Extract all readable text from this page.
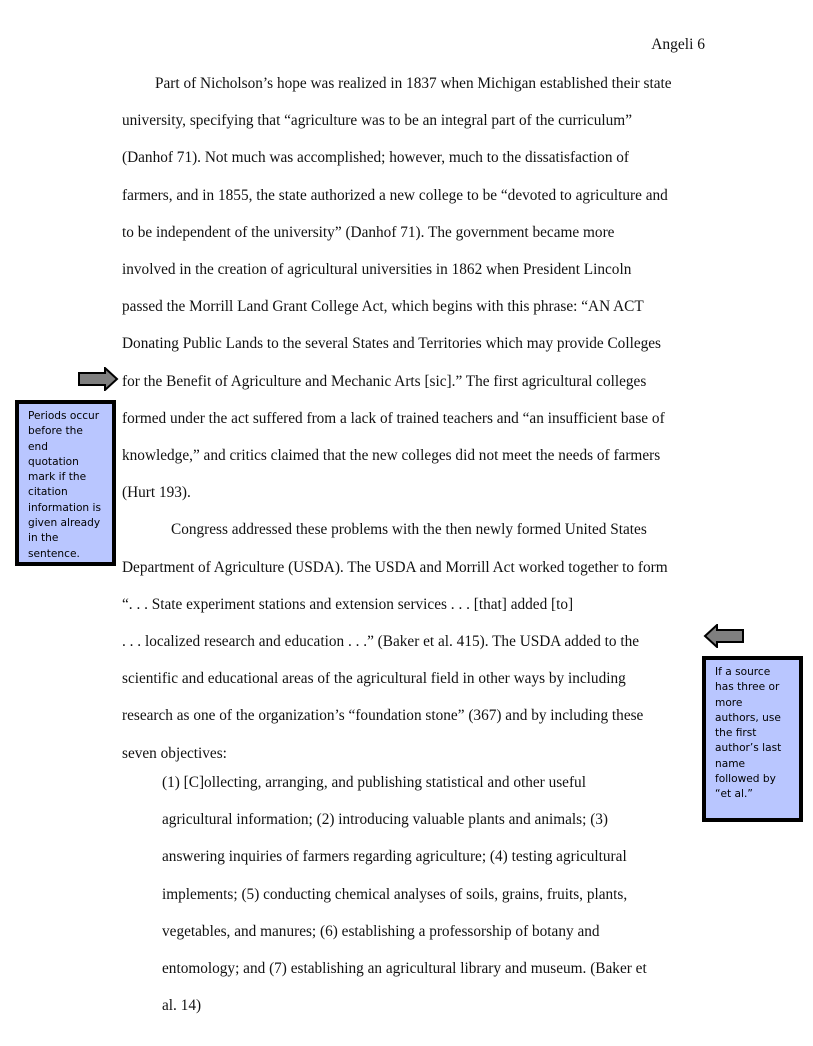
Angeli 6
Part of Nicholson’s hope was realized in 1837 when Michigan established their state
university, specifying that “agriculture was to be an integral part of the curriculum”
(Danhof 71). Not much was accomplished; however, much to the dissatisfaction of
farmers, and in 1855, the state authorized a new college to be “devoted to agriculture and
to be independent of the university” (Danhof 71). The government became more
involved in the creation of agricultural universities in 1862 when President Lincoln
passed the Morrill Land Grant College Act, which begins with this phrase: “AN ACT
Donating Public Lands to the several States and Territories which may provide Colleges
for the Benefit of Agriculture and Mechanic Arts [sic].” The first agricultural colleges
formed under the act suffered from a lack of trained teachers and “an insufficient base of
knowledge,” and critics claimed that the new colleges did not meet the needs of farmers
(Hurt 193).
Congress addressed these problems with the then newly formed United States
Department of Agriculture (USDA). The USDA and Morrill Act worked together to form
“. . . State experiment stations and extension services . . . [that] added [to]
. . . localized research and education . . .” (Baker et al. 415). The USDA added to the
scientific and educational areas of the agricultural field in other ways by including
research as one of the organization’s “foundation stone” (367) and by including these
seven objectives:
(1) [C]ollecting, arranging, and publishing statistical and other useful
agricultural information; (2) introducing valuable plants and animals; (3)
answering inquiries of farmers regarding agriculture; (4) testing agricultural
implements; (5) conducting chemical analyses of soils, grains, fruits, plants,
vegetables, and manures; (6) establishing a professorship of botany and
entomology; and (7) establishing an agricultural library and museum. (Baker et
al. 14)
Periods occur
before the
end
quotation
mark if the
citation
information is
given already
in the
sentence.
If a source
has three or
more
authors, use
the first
author’s last
name
followed by
“et al.”
